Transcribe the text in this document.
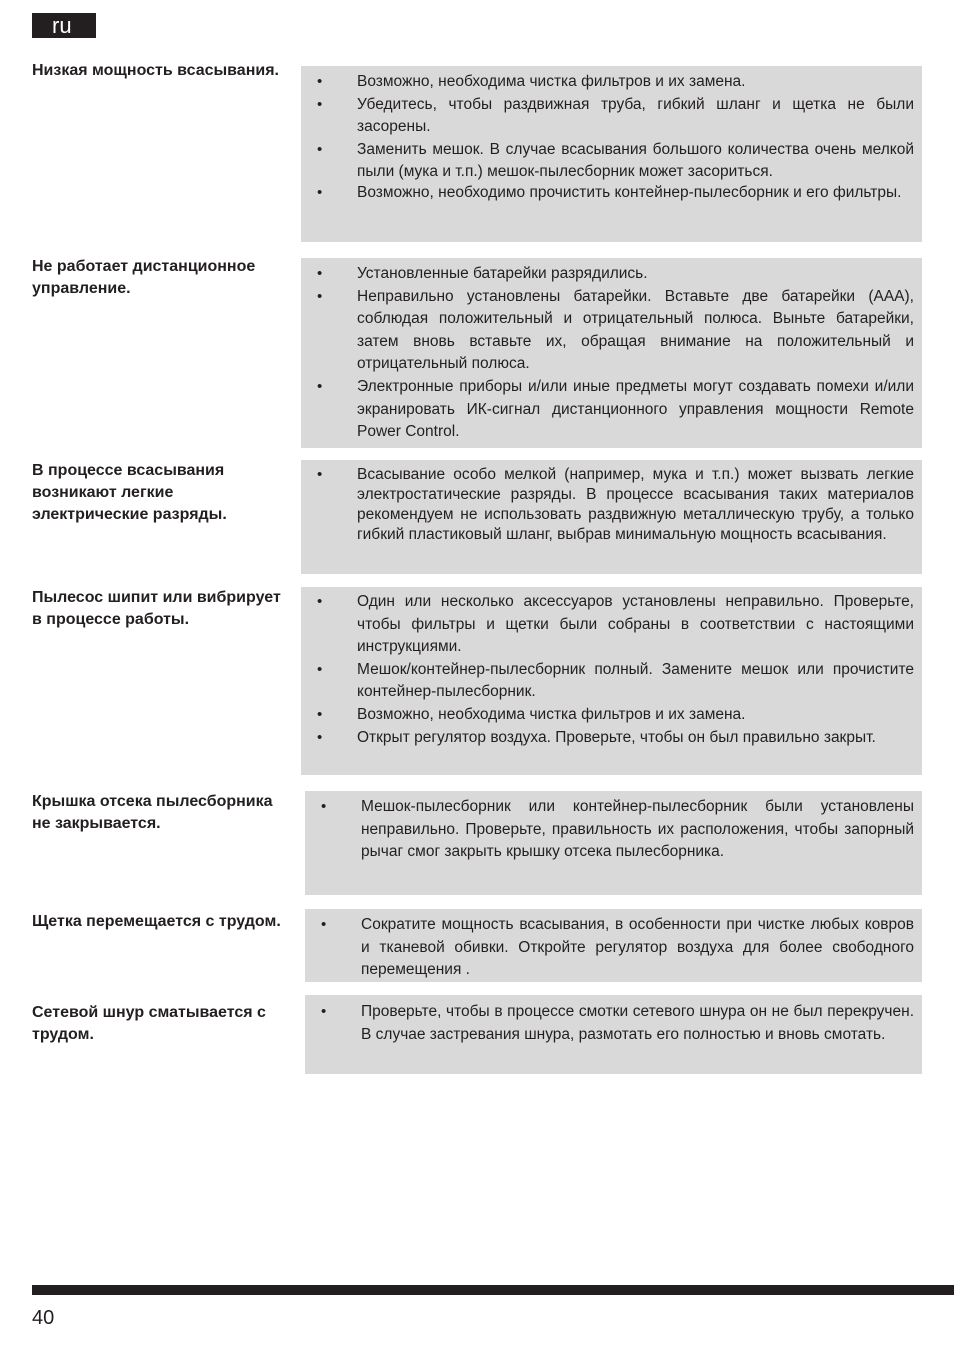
ru
Низкая мощность всасывания.
• Возможно, необходима чистка фильтров и их замена.
• Убедитесь, чтобы раздвижная труба, гибкий шланг и щетка не были засорены.
• Заменить мешок. В случае всасывания большого количества очень мелкой пыли (мука и т.п.) мешок-пылесборник может засориться.
• Возможно, необходимо прочистить контейнер-пылесборник и его фильтры.
Не работает дистанционное управление.
• Установленные батарейки разрядились.
• Неправильно установлены батарейки. Вставьте две батарейки (AAA), соблюдая положительный и отрицательный полюса. Выньте батарейки, затем вновь вставьте их, обращая внимание на положительный и отрицательный полюса.
• Электронные приборы и/или иные предметы могут создавать помехи и/или экранировать ИК-сигнал дистанционного управления мощности Remote Power Control.
В процессе всасывания возникают легкие электрические разряды.
• Всасывание особо мелкой (например, мука и т.п.) может вызвать легкие электростатические разряды. В процессе всасывания таких материалов рекомендуем не использовать раздвижную металлическую трубу, а только гибкий пластиковый шланг, выбрав минимальную мощность всасывания.
Пылесос шипит или вибрирует в процессе работы.
• Один или несколько аксессуаров установлены неправильно. Проверьте, чтобы фильтры и щетки были собраны в соответствии с настоящими инструкциями.
• Мешок/контейнер-пылесборник полный. Замените мешок или прочистите контейнер-пылесборник.
• Возможно, необходима чистка фильтров и их замена.
• Открыт регулятор воздуха. Проверьте, чтобы он был правильно закрыт.
Крышка отсека пылесборника не закрывается.
• Мешок-пылесборник или контейнер-пылесборник были установлены неправильно. Проверьте, правильность их расположения, чтобы запорный рычаг смог закрыть крышку отсека пылесборника.
Щетка перемещается с трудом.	• Сократите мощность всасывания, в особенности при чистке любых ковров и тканевой обивки. Откройте регулятор воздуха для более свободного перемещения .
Сетевой шнур сматывается с трудом.
• Проверьте, чтобы в процессе смотки сетевого шнура он не был перекручен. В случае застревания шнура, размотать его полностью и вновь смотать.
40
